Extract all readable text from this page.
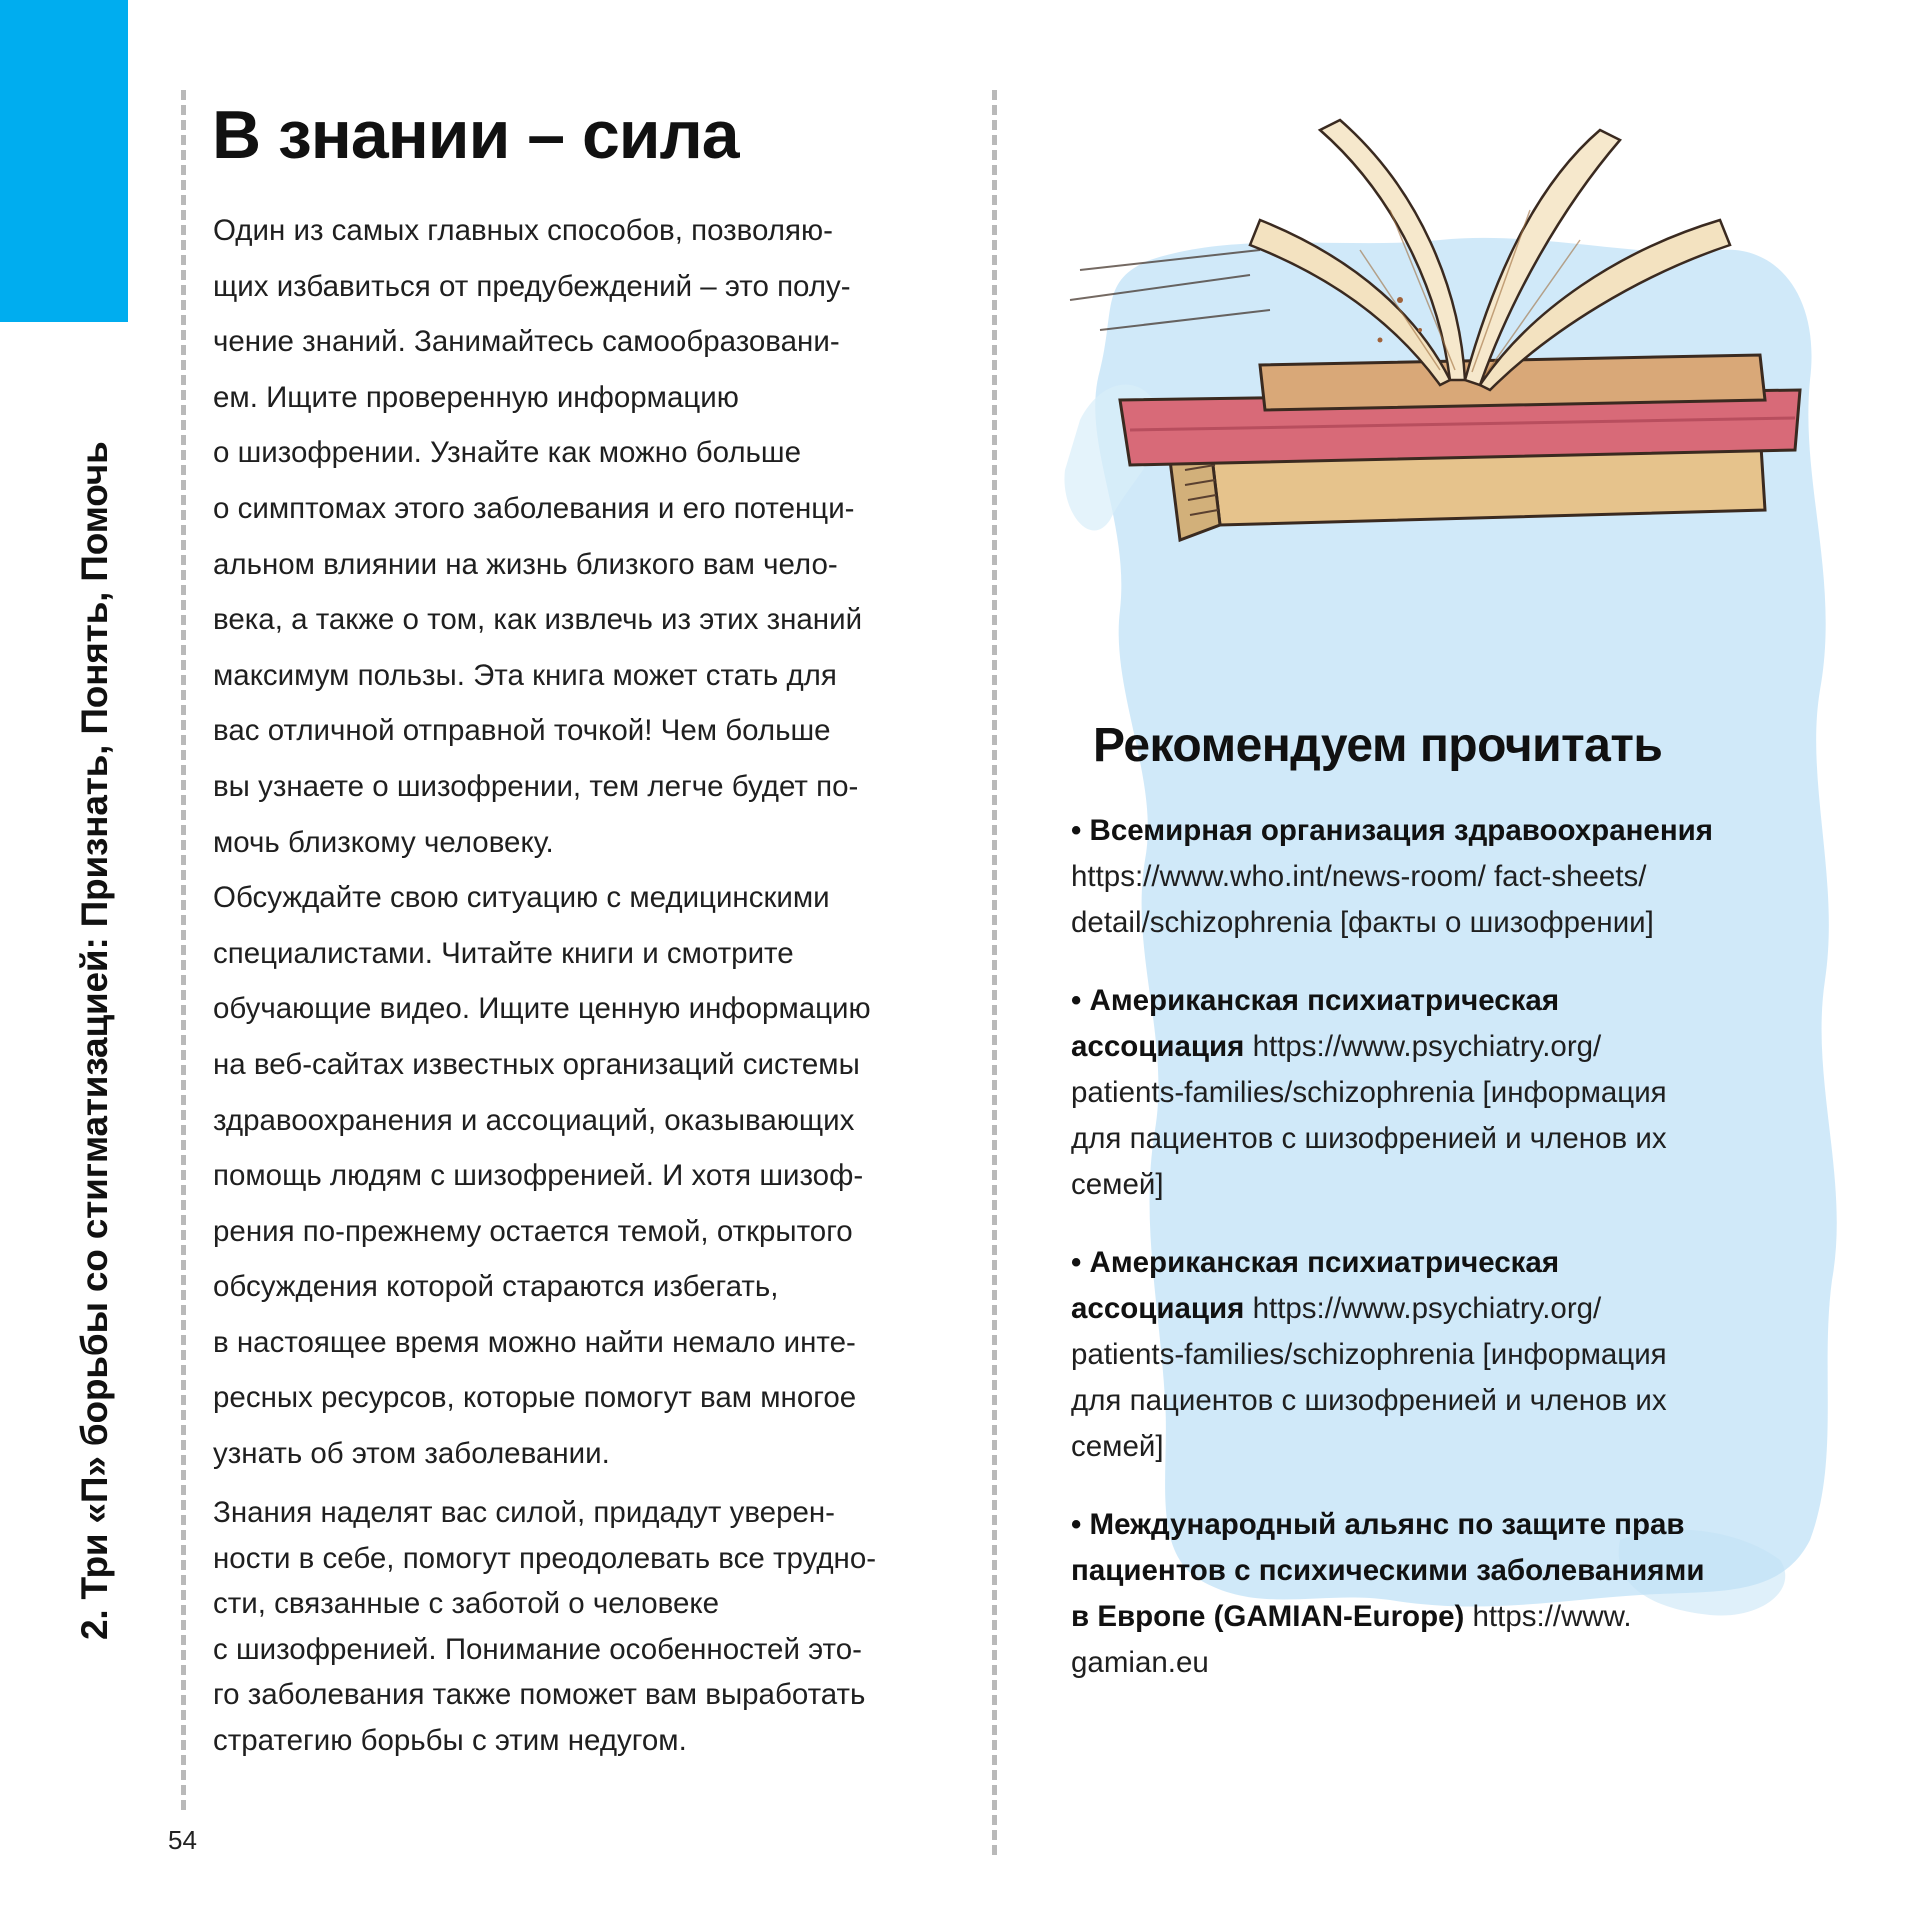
2. Три «П» борьбы со стигматизацией: Признать, Понять, Помочь
54
В знании – сила
Один из самых главных способов, позволяю-
щих избавиться от предубеждений – это полу-
чение знаний. Занимайтесь самообразовани-
ем. Ищите проверенную информацию
о шизофрении. Узнайте как можно больше
о симптомах этого заболевания и его потенци-
альном влиянии на жизнь близкого вам чело-
века, а также о том, как извлечь из этих знаний
максимум пользы. Эта книга может стать для
вас отличной отправной точкой! Чем больше
вы узнаете о шизофрении, тем легче будет по-
мочь близкому человеку.
Обсуждайте свою ситуацию с медицинскими
специалистами. Читайте книги и смотрите
обучающие видео. Ищите ценную информацию
на веб-сайтах известных организаций системы
здравоохранения и ассоциаций, оказывающих
помощь людям с шизофренией. И хотя шизоф-
рения по-прежнему остается темой, открытого
обсуждения которой стараются избегать,
в настоящее время можно найти немало инте-
ресных ресурсов, которые помогут вам многое
узнать об этом заболевании.
Знания наделят вас силой, придадут уверен-
ности в себе, помогут преодолевать все трудно-
сти, связанные с заботой о человеке
с шизофренией. Понимание особенностей это-
го заболевания также поможет вам выработать
стратегию борьбы с этим недугом.
Рекомендуем прочитать
• Всемирная организация здравоохранения
https://www.who.int/news-room/ fact-sheets/
detail/schizophrenia [факты о шизофрении]
• Американская психиатрическая
ассоциация https://www.psychiatry.org/
patients-families/schizophrenia [информация
для пациентов с шизофренией и членов их
семей]
• Американская психиатрическая
ассоциация https://www.psychiatry.org/
patients-families/schizophrenia [информация
для пациентов с шизофренией и членов их
семей]
• Международный альянс по защите прав
пациентов с психическими заболеваниями
в Европе (GAMIAN-Europe) https://www.
gamian.eu
